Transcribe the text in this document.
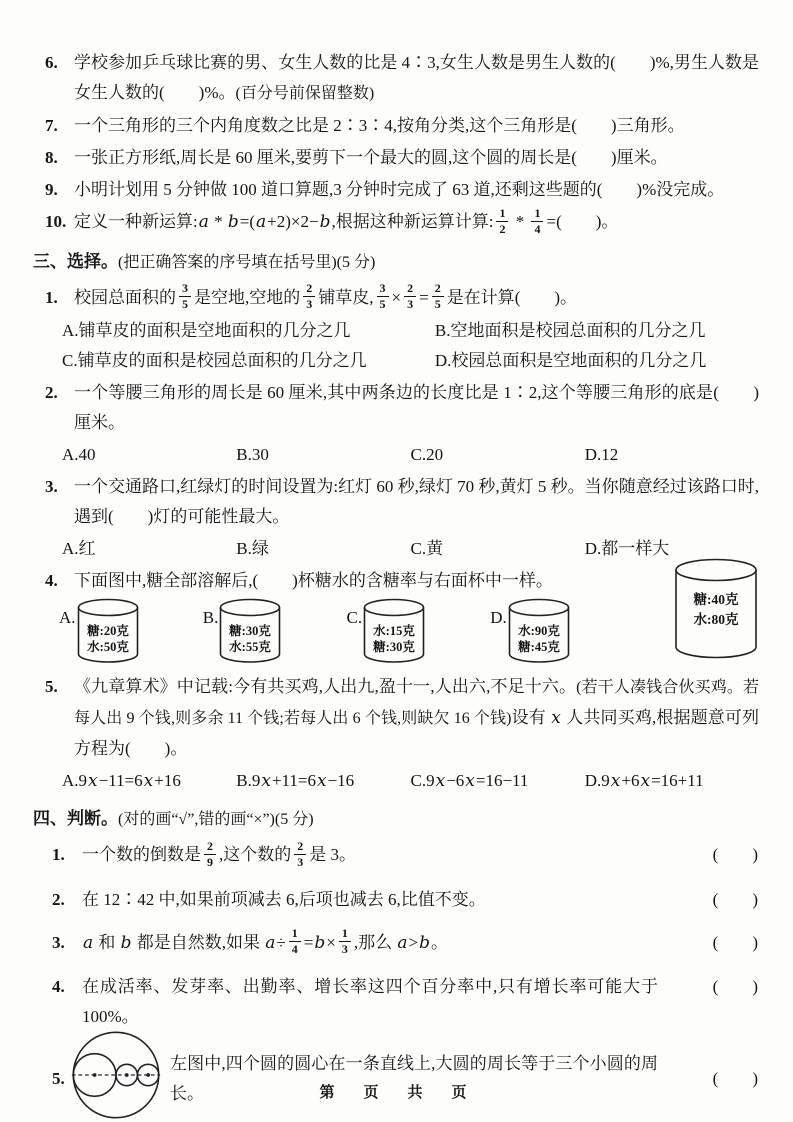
6. 学校参加乒乓球比赛的男、女生人数的比是 4∶3,女生人数是男生人数的(　　)%,男生人数是女生人数的(　　)%。(百分号前保留整数)
7. 一个三角形的三个内角度数之比是 2∶3∶4,按角分类,这个三角形是(　　)三角形。
8. 一张正方形纸,周长是 60 厘米,要剪下一个最大的圆,这个圆的周长是(　　)厘米。
9. 小明计划用 5 分钟做 100 道口算题,3 分钟时完成了 63 道,还剩这些题的(　　)%没完成。
10. 定义一种新运算:a * b=(a+2)×2−b,根据这种新运算计算: $\frac{1}{2} * \frac{1}{4}$ =(　　)。
三、选择。(把正确答案的序号填在括号里)(5 分)
1. 校园总面积的 $\frac{3}{5}$ 是空地,空地的 $\frac{2}{3}$ 铺草皮, $\frac{3}{5} \times \frac{2}{3} = \frac{2}{5}$ 是在计算(　　)。
A.铺草皮的面积是空地面积的几分之几	B.空地面积是校园总面积的几分之几
C.铺草皮的面积是校园总面积的几分之几	D.校园总面积是空地面积的几分之几
2. 一个等腰三角形的周长是 60 厘米,其中两条边的长度比是 1∶2,这个等腰三角形的底是(　　)厘米。
A.40	B.30	C.20	D.12
3. 一个交通路口,红绿灯的时间设置为:红灯 60 秒,绿灯 70 秒,黄灯 5 秒。当你随意经过该路口时,遇到(　　)灯的可能性最大。
A.红	B.绿	C.黄	D.都一样大
4. 下面图中,糖全部溶解后,(　　)杯糖水的含糖率与右面杯中一样。
A.
糖:20克
水:50克
B.
糖:30克
水:55克
C.
水:15克
糖:30克
D.
水:90克
糖:45克
糖:40克
水:80克
5. 《九章算术》中记载:今有共买鸡,人出九,盈十一,人出六,不足十六。(若干人凑钱合伙买鸡。若每人出 9 个钱,则多余 11 个钱;若每人出 6 个钱,则缺欠 16 个钱)设有 x 人共同买鸡,根据题意可列方程为(　　)。
A.9x−11=6x+16	B.9x+11=6x−16	C.9x−6x=16−11	D.9x+6x=16+11
四、判断。(对的画“√”,错的画“×”)(5 分)
1.	一个数的倒数是 $\frac{2}{9}$ ,这个数的 $\frac{2}{3}$ 是 3。	(　　)
2.	在 12∶42 中,如果前项减去 6,后项也减去 6,比值不变。	(　　)
3.	a 和 b 都是自然数,如果 $a\div \frac{1}{4} =b\times \frac{1}{3}$ ,那么 a>b。	(　　)
4.	在成活率、发芽率、出勤率、增长率这四个百分率中,只有增长率可能大于 100%。
(　　)
5.
左图中,四个圆的圆心在一条直线上,大圆的周长等于三个小圆的周长。
(　　)
第　页　共　页
